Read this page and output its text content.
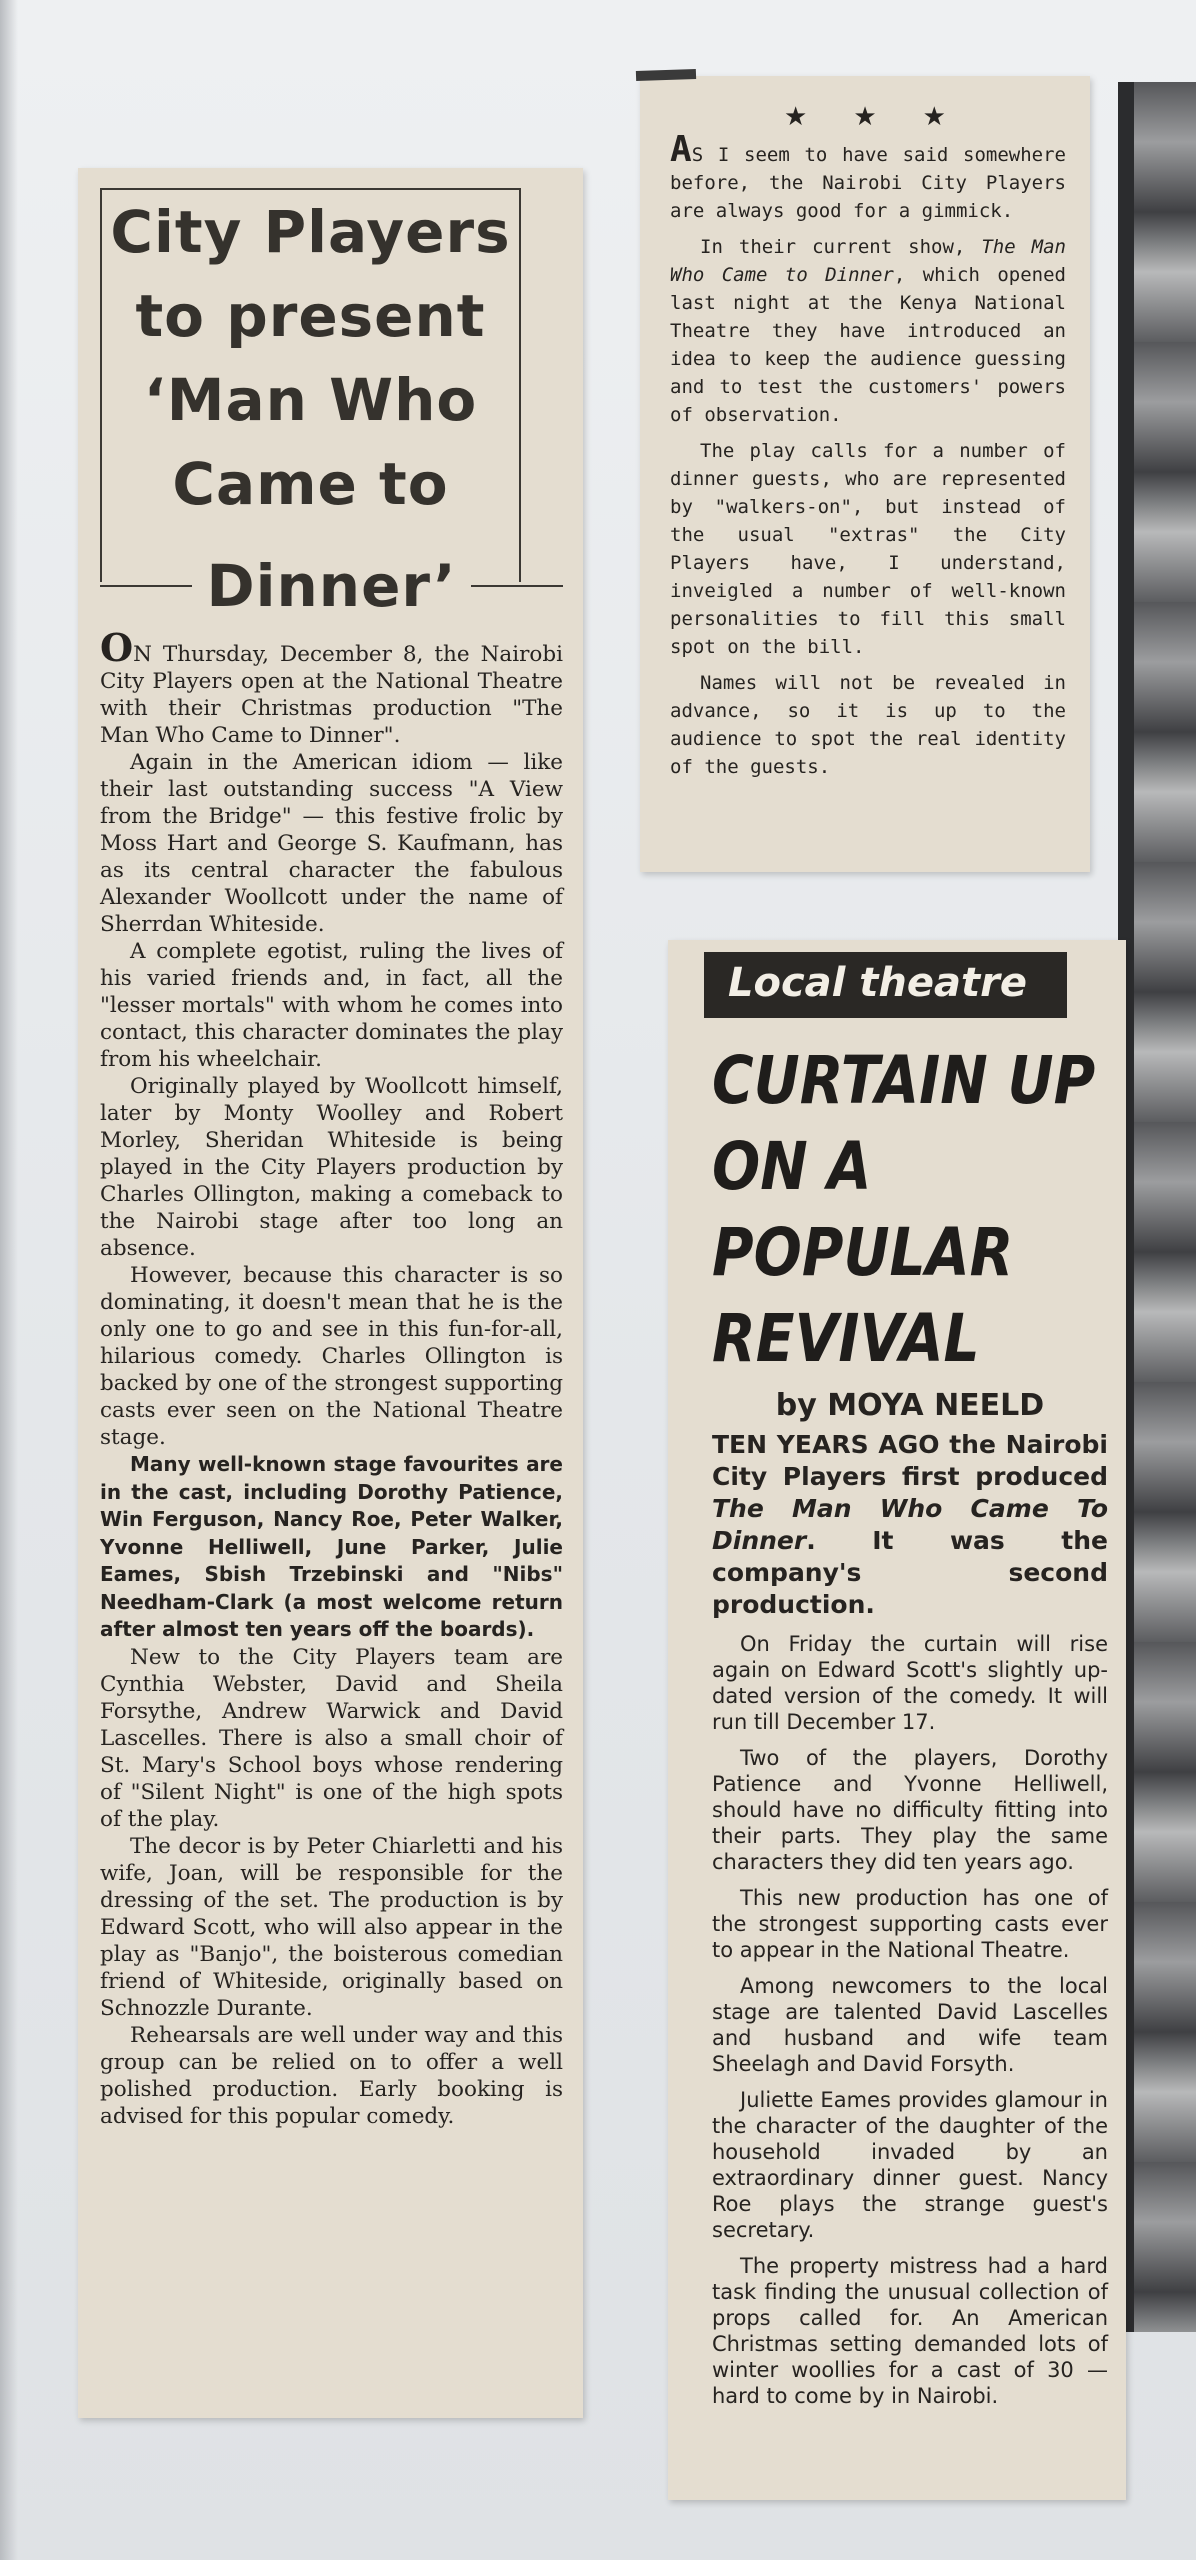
City Players
to present
‘Man Who
Came to
Dinner’

ON Thursday, December 8, the Nairobi City Players open at the National Theatre with their Christmas production "The Man Who Came to Dinner".

Again in the American idiom — like their last outstanding success "A View from the Bridge" — this festive frolic by Moss Hart and George S. Kaufmann, has as its central character the fabulous Alexander Woollcott under the name of Sherrdan Whiteside.

A complete egotist, ruling the lives of his varied friends and, in fact, all the "lesser mortals" with whom he comes into contact, this character dominates the play from his wheelchair.

Originally played by Woollcott himself, later by Monty Woolley and Robert Morley, Sheridan Whiteside is being played in the City Players production by Charles Ollington, making a comeback to the Nairobi stage after too long an absence.

However, because this character is so dominating, it doesn't mean that he is the only one to go and see in this fun-for-all, hilarious comedy. Charles Ollington is backed by one of the strongest supporting casts ever seen on the National Theatre stage.

Many well-known stage favourites are in the cast, including Dorothy Patience, Win Ferguson, Nancy Roe, Peter Walker, Yvonne Helliwell, June Parker, Julie Eames, Sbish Trzebinski and "Nibs" Needham-Clark (a most welcome return after almost ten years off the boards).

New to the City Players team are Cynthia Webster, David and Sheila Forsythe, Andrew Warwick and David Lascelles. There is also a small choir of St. Mary's School boys whose rendering of "Silent Night" is one of the high spots of the play.

The decor is by Peter Chiarletti and his wife, Joan, will be responsible for the dressing of the set. The production is by Edward Scott, who will also appear in the play as "Banjo", the boisterous comedian friend of Whiteside, originally based on Schnozzle Durante.

Rehearsals are well under way and this group can be relied on to offer a well polished production. Early booking is advised for this popular comedy.

★★★

AS I seem to have said somewhere before, the Nairobi City Players are always good for a gimmick.

In their current show, The Man Who Came to Dinner, which opened last night at the Kenya National Theatre they have introduced an idea to keep the audience guessing and to test the customers' powers of observation.

The play calls for a number of dinner guests, who are represented by "walkers-on", but instead of the usual "extras" the City Players have, I understand, inveigled a number of well-known personalities to fill this small spot on the bill.

Names will not be revealed in advance, so it is up to the audience to spot the real identity of the guests.

Local theatre
CURTAIN UP
ON A
POPULAR
REVIVAL
by MOYA NEELD

TEN YEARS AGO the Nairobi City Players first produced The Man Who Came To Dinner. It was the company's second production.

On Friday the curtain will rise again on Edward Scott's slightly up-dated version of the comedy. It will run till December 17.

Two of the players, Dorothy Patience and Yvonne Helliwell, should have no difficulty fitting into their parts. They play the same characters they did ten years ago.

This new production has one of the strongest supporting casts ever to appear in the National Theatre.

Among newcomers to the local stage are talented David Lascelles and husband and wife team Sheelagh and David Forsyth.

Juliette Eames provides glamour in the character of the daughter of the household invaded by an extraordinary dinner guest. Nancy Roe plays the strange guest's secretary.

The property mistress had a hard task finding the unusual collection of props called for. An American Christmas setting demanded lots of winter woollies for a cast of 30 — hard to come by in Nairobi.
